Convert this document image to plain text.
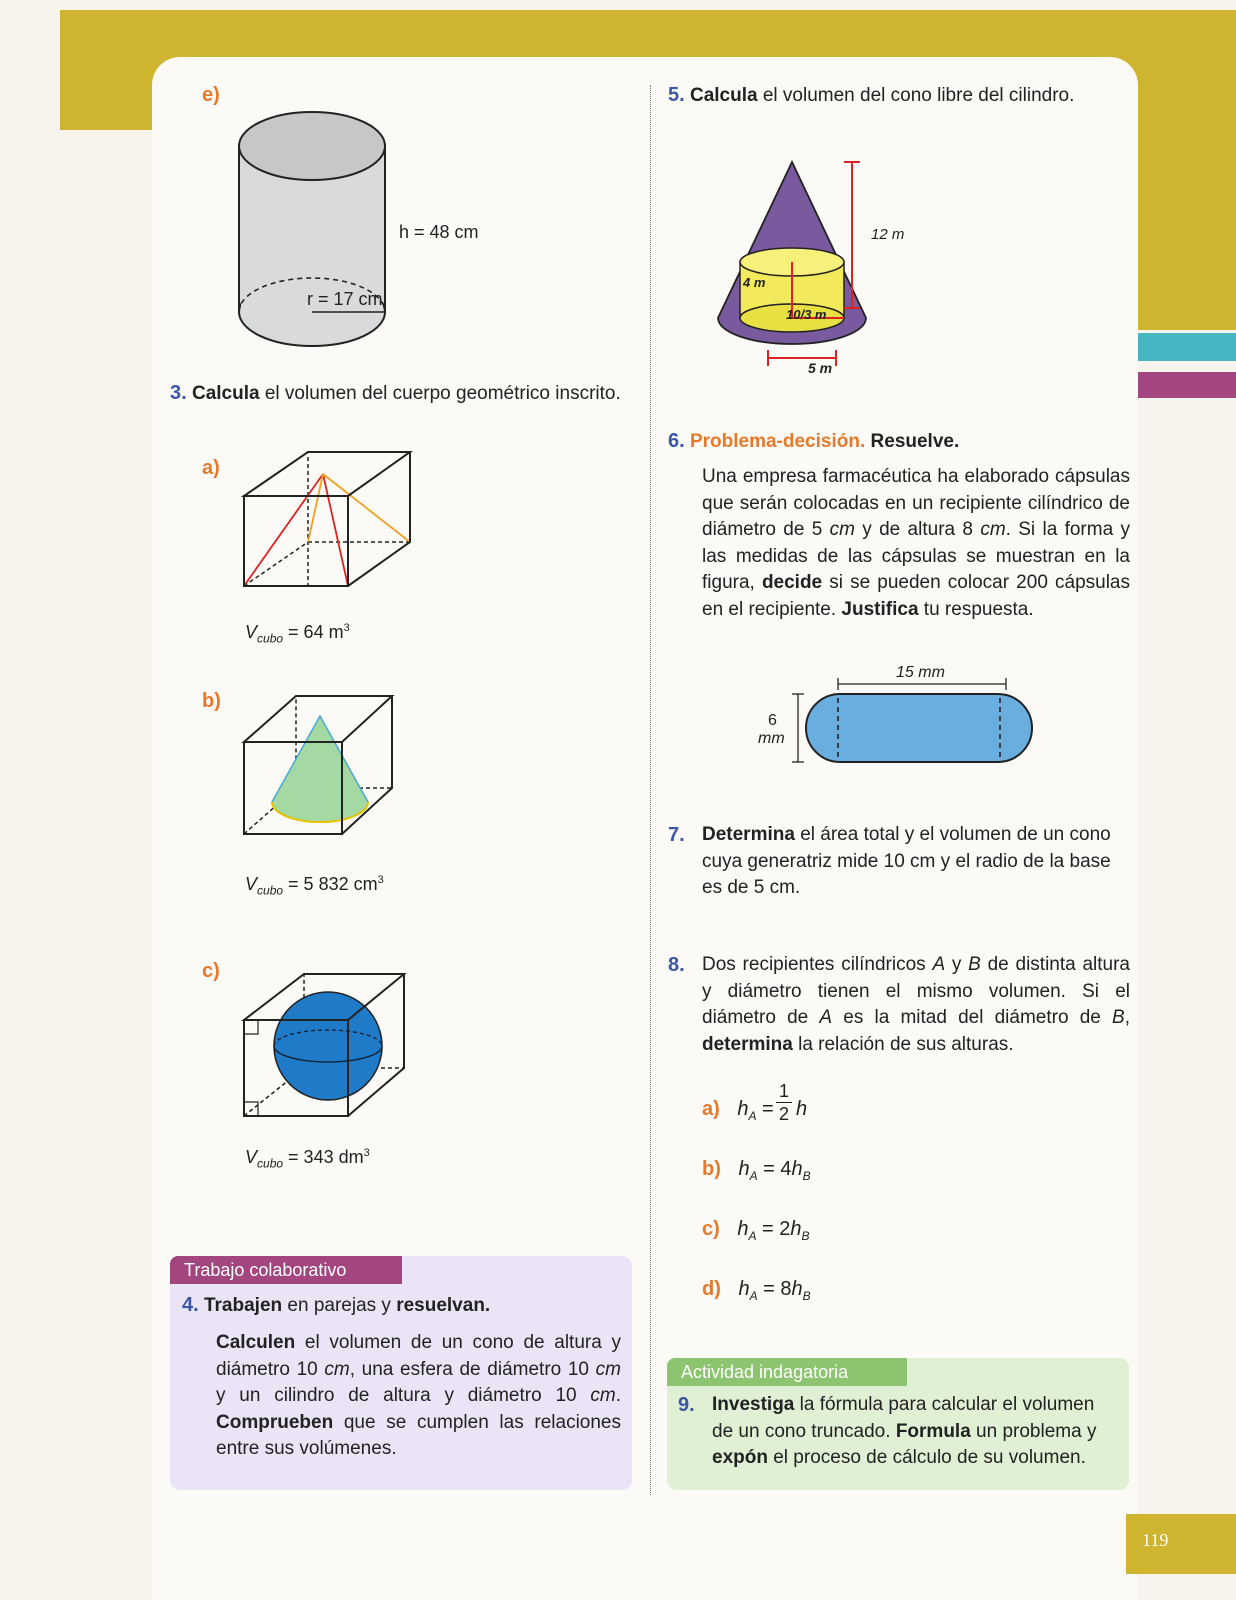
e)
h = 48 cm
r = 17 cm
3. Calcula el volumen del cuerpo geométrico inscrito.
a)
$V_{cubo} = 64$ $m^3$
b)
$V_{cubo} = 5$ 832 $cm^3$
c)
$V_{cubo} = 343$ $dm^3$
Trabajo colaborativo
4. Trabajen en parejas y resuelvan.
Calculen el volumen de un cono de altura y diámetro 10 cm, una esfera de diámetro 10 cm y un cilindro de altura y diámetro 10 cm. Comprueben que se cumplen las relaciones entre sus volúmenes.
5. Calcula el volumen del cono libre del cilindro.
12 m
4 m
10/3 m
5 m
6. Problema-decisión. Resuelve.
Una empresa farmacéutica ha elaborado cápsulas que serán colocadas en un recipiente cilíndrico de diámetro de 5 cm y de altura 8 cm. Si la forma y las medidas de las cápsulas se muestran en la figura, decide si se pueden colocar 200 cápsulas en el recipiente. Justifica tu respuesta.
15 mm
6
mm
7. Determina el área total y el volumen de un cono cuya generatriz mide 10 cm y el radio de la base es de 5 cm.
8. Dos recipientes cilíndricos A y B de distinta altura y diámetro tienen el mismo volumen. Si el diámetro de A es la mitad del diámetro de B, determina la relación de sus alturas.
a) $h_A = \frac{1}{2}$ h
b) $h_A = 4h_B$
c) $h_A = 2h_B$
d) $h_A = 8h_B$
Actividad indagatoria
9. Investiga la fórmula para calcular el volumen de un cono truncado. Formula un problema y expón el proceso de cálculo de su volumen.
119
